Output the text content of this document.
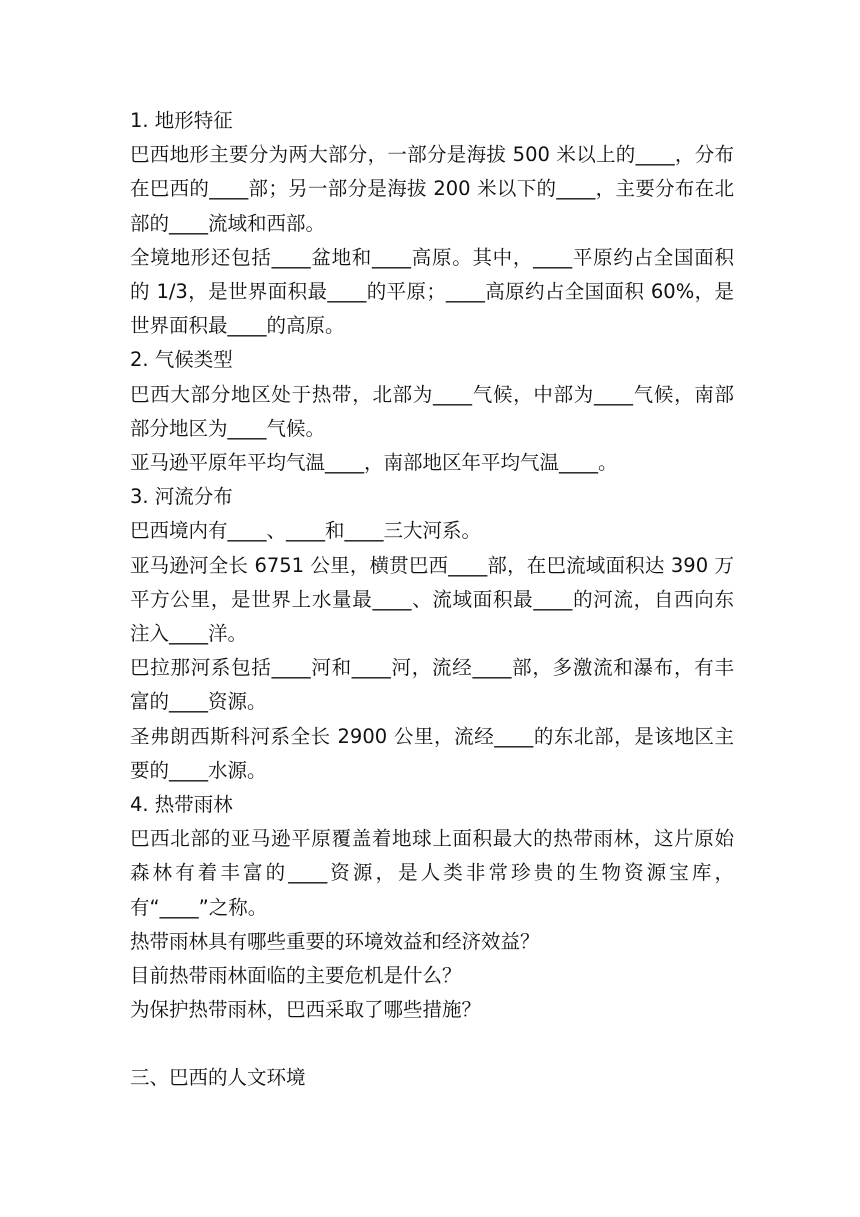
1. 地形特征

巴西地形主要分为两大部分，一部分是海拔 500 米以上的____，分布在巴西的____部；另一部分是海拔 200 米以下的____，主要分布在北部的____流域和西部。

全境地形还包括____盆地和____高原。其中，____平原约占全国面积的 1/3，是世界面积最____的平原；____高原约占全国面积 60%，是世界面积最____的高原。

2. 气候类型

巴西大部分地区处于热带，北部为____气候，中部为____气候，南部部分地区为____气候。

亚马逊平原年平均气温____，南部地区年平均气温____。

3. 河流分布

巴西境内有____、____和____三大河系。

亚马逊河全长 6751 公里，横贯巴西____部，在巴流域面积达 390 万平方公里，是世界上水量最____、流域面积最____的河流，自西向东注入____洋。

巴拉那河系包括____河和____河，流经____部，多激流和瀑布，有丰富的____资源。

圣弗朗西斯科河系全长 2900 公里，流经____的东北部，是该地区主要的____水源。

4. 热带雨林

巴西北部的亚马逊平原覆盖着地球上面积最大的热带雨林，这片原始森林有着丰富的____资源，是人类非常珍贵的生物资源宝库，有“____”之称。

热带雨林具有哪些重要的环境效益和经济效益？

目前热带雨林面临的主要危机是什么？

为保护热带雨林，巴西采取了哪些措施？

三、巴西的人文环境
